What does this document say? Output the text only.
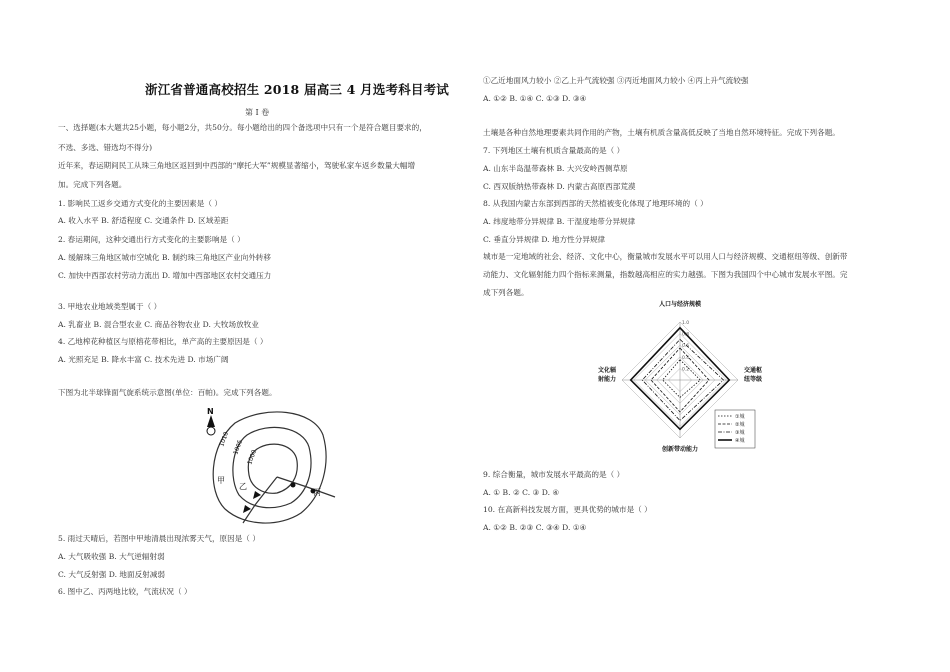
浙江省普通高校招生 2018 届高三 4 月选考科目考试
第 I 卷
一、选择题(本大题共25小题，每小题2分，共50分。每小题给出的四个备选项中只有一个是符合题目要求的，
不选、多选、错选均不得分)
近年来，春运期间民工从珠三角地区返回到中西部的“摩托大军”规模显著缩小，驾驶私家车返乡数量大幅增
加。完成下列各题。
1. 影响民工返乡交通方式变化的主要因素是（ ）
A. 收入水平 B. 舒适程度 C. 交通条件 D. 区域差距
2. 春运期间，这种交通出行方式变化的主要影响是（ ）
A. 缓解珠三角地区城市空城化 B. 制约珠三角地区产业向外转移
C. 加快中西部农村劳动力流出 D. 增加中西部地区农村交通压力
3. 甲地农业地域类型属于（ ）
A. 乳畜业 B. 混合型农业 C. 商品谷物农业 D. 大牧场放牧业
4. 乙地榨花种植区与原榕花带相比，单产高的主要原因是（ ）
A. 光照充足 B. 降水丰富 C. 技术先进 D. 市场广阔
下图为北半球锋面气旋系统示意图(单位：百帕)。完成下列各题。
N
1010 1005
1000
甲
乙
丙
5. 雨过天晴后，若图中甲地清晨出现浓雾天气，原因是（ ）
A. 大气吸收强 B. 大气逆辐射弱
C. 大气反射强 D. 地面反射减弱
6. 图中乙、丙两地比较，气流状况（ ）
①乙近地面风力较小 ②乙上升气流较强 ③丙近地面风力较小 ④丙上升气流较强
A. ①② B. ①④ C. ①③ D. ③④
土壤是各种自然地理要素共同作用的产物，土壤有机质含量高低反映了当地自然环境特征。完成下列各题。
7. 下列地区土壤有机质含量最高的是（ ）
A. 山东半岛温带森林 B. 大兴安岭西侧草原
C. 西双版纳热带森林 D. 内蒙古高原西部荒漠
8. 从我国内蒙古东部到西部的天然植被变化体现了地理环境的（ ）
A. 纬度地带分异规律 B. 干湿度地带分异规律
C. 垂直分异规律 D. 地方性分异规律
城市是一定地域的社会、经济、文化中心，衡量城市发展水平可以用人口与经济规模、交通枢纽等级、创新带
动能力、文化辐射能力四个指标来测量，指数越高相应的实力越强。下图为我国四个中心城市发展水平图。完
成下列各题。
0.2
0.4
0.6
0.8
1.0
人口与经济规模
交通枢
纽等级
创新带动能力
文化辐
射能力
①城
②城
③城
④城
9. 综合衡量，城市发展水平最高的是（ ）
A. ① B. ② C. ③ D. ④
10. 在高新科技发展方面，更具优势的城市是（ ）
A. ①② B. ②③ C. ③④ D. ①④
